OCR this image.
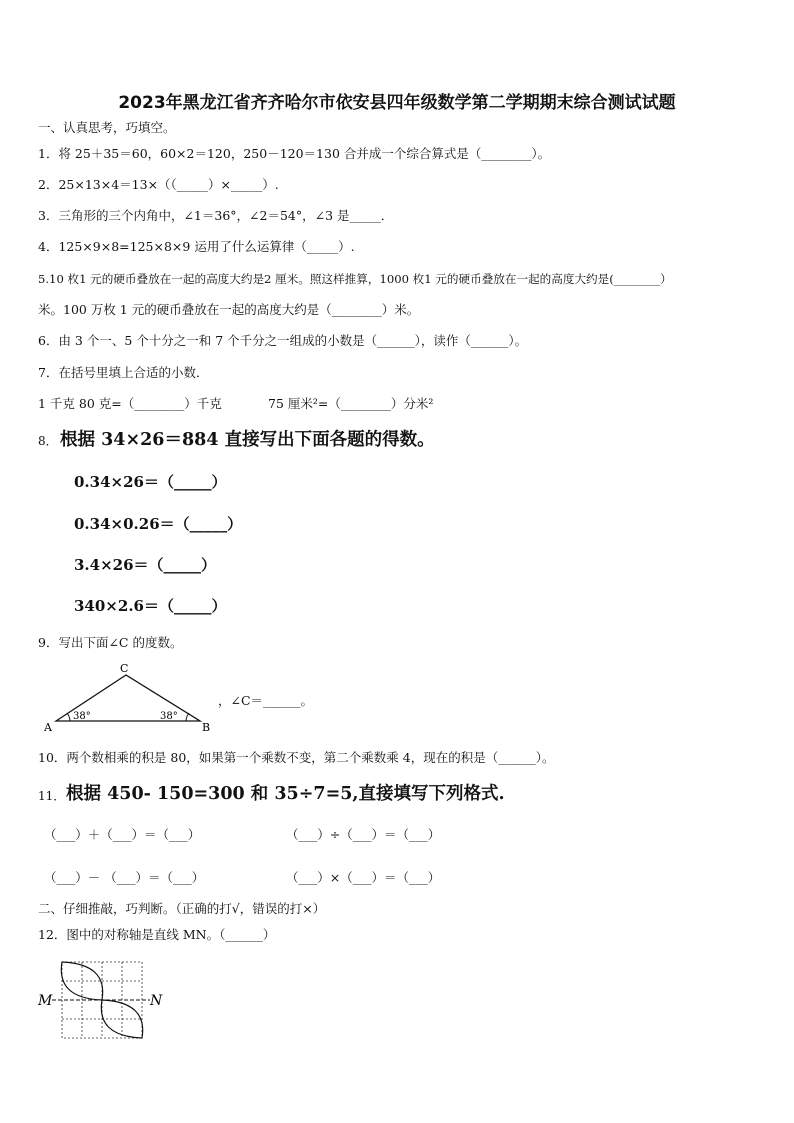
2023年黑龙江省齐齐哈尔市依安县四年级数学第二学期期末综合测试试题
一、认真思考，巧填空。
1．将 25＋35＝60，60×2＝120，250－120＝130 合并成一个综合算式是（________）。
2．25×13×4＝13×（（_____）×_____）.
3．三角形的三个内角中，∠1＝36°，∠2＝54°，∠3 是_____．
4．125×9×8=125×8×9 运用了什么运算律（_____）.
5.10 枚1 元的硬币叠放在一起的高度大约是2 厘米。照这样推算，1000 枚1 元的硬币叠放在一起的高度大约是(________）
米。100 万枚 1 元的硬币叠放在一起的高度大约是（________）米。
6．由 3 个一、5 个十分之一和 7 个千分之一组成的小数是（______），读作（______）。
7．在括号里填上合适的小数．
1 千克 80 克=（________）千克	75 厘米²=（________）分米²
8． 根据 34×26＝884 直接写出下面各题的得数。
0.34×26＝（_____）
0.34×0.26＝（_____）
3.4×26＝（_____）
340×2.6＝（_____）
9．写出下面∠C 的度数。
C
A	B
38°	38°
，∠C＝______。
10．两个数相乘的积是 80，如果第一个乘数不变，第二个乘数乘 4，现在的积是（______）。
11． 根据 450- 150=300 和 35÷7=5,直接填写下列格式.
（___）＋（___）＝（___）	（___）÷（___）＝（___）
（___）－ （___）＝（___）	（___）×（___）＝（___）
二、仔细推敲，巧判断。（正确的打√，错误的打×）
12．图中的对称轴是直线 MN。（______）
M	N
